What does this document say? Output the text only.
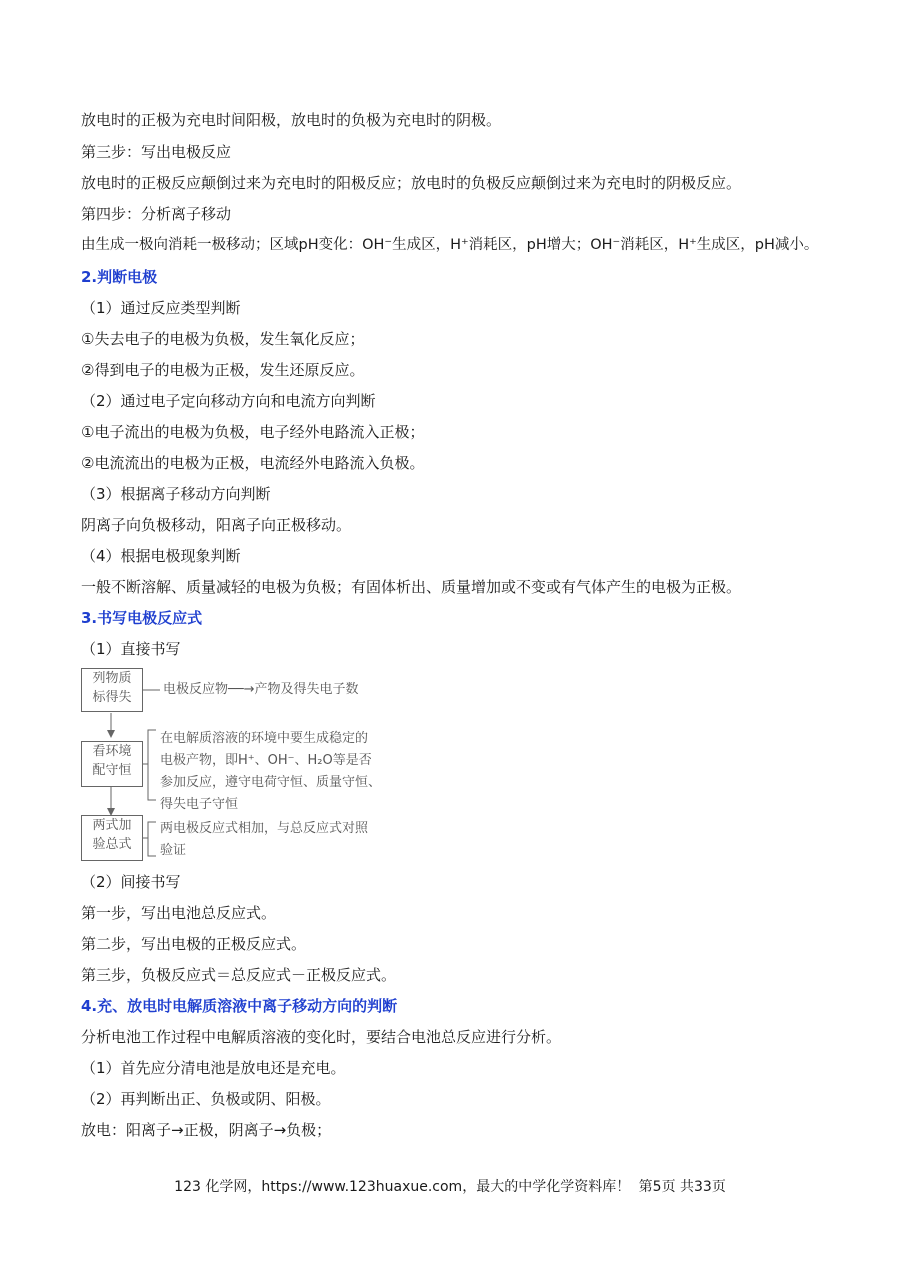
放电时的正极为充电时间阳极，放电时的负极为充电时的阴极。
第三步：写出电极反应
放电时的正极反应颠倒过来为充电时的阳极反应；放电时的负极反应颠倒过来为充电时的阴极反应。
第四步：分析离子移动
由生成一极向消耗一极移动；区域pH变化：OH⁻生成区，H⁺消耗区，pH增大；OH⁻消耗区，H⁺生成区，pH减小。
2.判断电极
（1）通过反应类型判断
①失去电子的电极为负极，发生氧化反应；
②得到电子的电极为正极，发生还原反应。
（2）通过电子定向移动方向和电流方向判断
①电子流出的电极为负极，电子经外电路流入正极；
②电流流出的电极为正极，电流经外电路流入负极。
（3）根据离子移动方向判断
阴离子向负极移动，阳离子向正极移动。
（4）根据电极现象判断
一般不断溶解、质量减轻的电极为负极；有固体析出、质量增加或不变或有气体产生的电极为正极。
3.书写电极反应式
（1）直接书写
列物质
标得失
电极反应物──→产物及得失电子数
看环境
配守恒
在电解质溶液的环境中要生成稳定的
电极产物，即H⁺、OH⁻、H₂O等是否
参加反应，遵守电荷守恒、质量守恒、
得失电子守恒
两式加
验总式
两电极反应式相加，与总反应式对照
验证
（2）间接书写
第一步，写出电池总反应式。
第二步，写出电极的正极反应式。
第三步，负极反应式＝总反应式－正极反应式。
4.充、放电时电解质溶液中离子移动方向的判断
分析电池工作过程中电解质溶液的变化时，要结合电池总反应进行分析。
（1）首先应分清电池是放电还是充电。
（2）再判断出正、负极或阴、阳极。
放电：阳离子→正极，阴离子→负极；
123 化学网，https://www.123huaxue.com，最大的中学化学资料库！ 第5页 共33页
